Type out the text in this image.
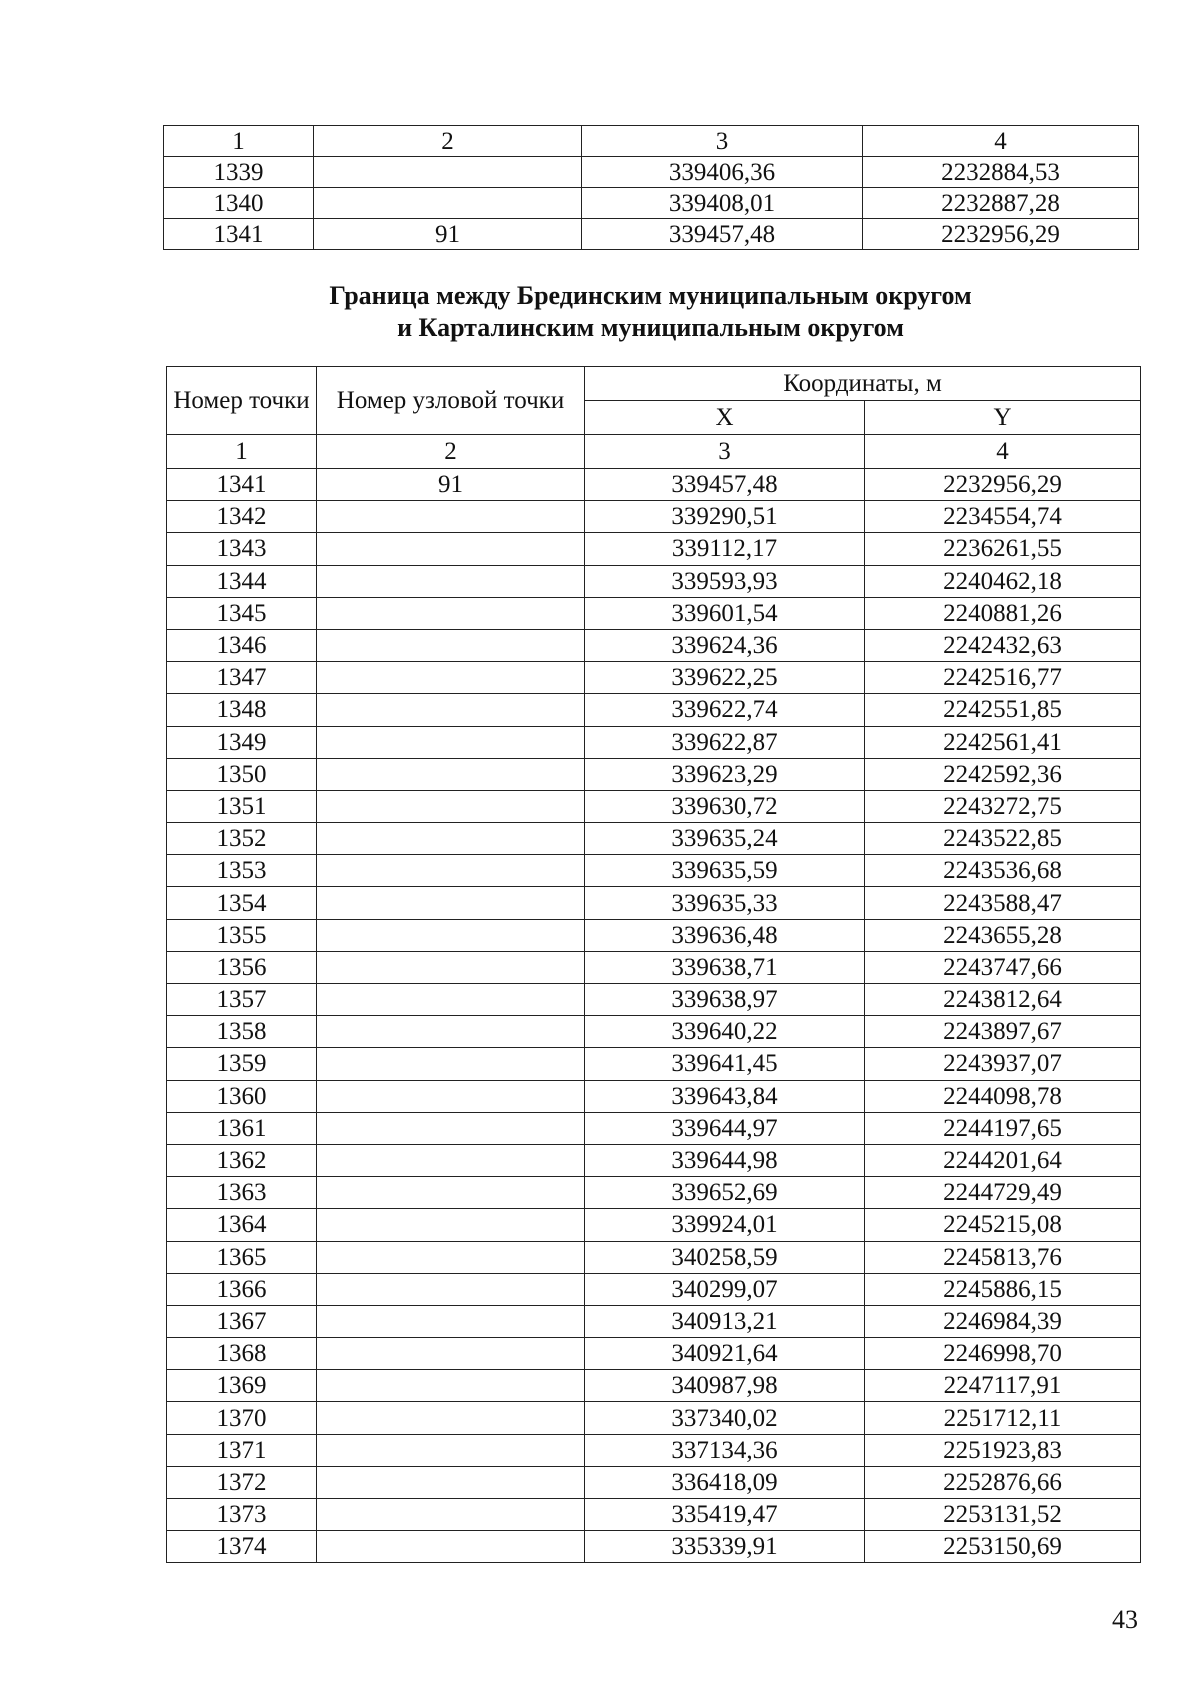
1	2	3	4
1339		339406,36	2232884,53
1340		339408,01	2232887,28
1341	91	339457,48	2232956,29
Граница между Брединским муниципальным округом
и Карталинским муниципальным округом
Номер точки	Номер узловой точки	Координаты, м	
		X	Y
1	2	3	4
1341	91	339457,48	2232956,29
1342		339290,51	2234554,74
1343		339112,17	2236261,55
1344		339593,93	2240462,18
1345		339601,54	2240881,26
1346		339624,36	2242432,63
1347		339622,25	2242516,77
1348		339622,74	2242551,85
1349		339622,87	2242561,41
1350		339623,29	2242592,36
1351		339630,72	2243272,75
1352		339635,24	2243522,85
1353		339635,59	2243536,68
1354		339635,33	2243588,47
1355		339636,48	2243655,28
1356		339638,71	2243747,66
1357		339638,97	2243812,64
1358		339640,22	2243897,67
1359		339641,45	2243937,07
1360		339643,84	2244098,78
1361		339644,97	2244197,65
1362		339644,98	2244201,64
1363		339652,69	2244729,49
1364		339924,01	2245215,08
1365		340258,59	2245813,76
1366		340299,07	2245886,15
1367		340913,21	2246984,39
1368		340921,64	2246998,70
1369		340987,98	2247117,91
1370		337340,02	2251712,11
1371		337134,36	2251923,83
1372		336418,09	2252876,66
1373		335419,47	2253131,52
1374		335339,91	2253150,69
43
